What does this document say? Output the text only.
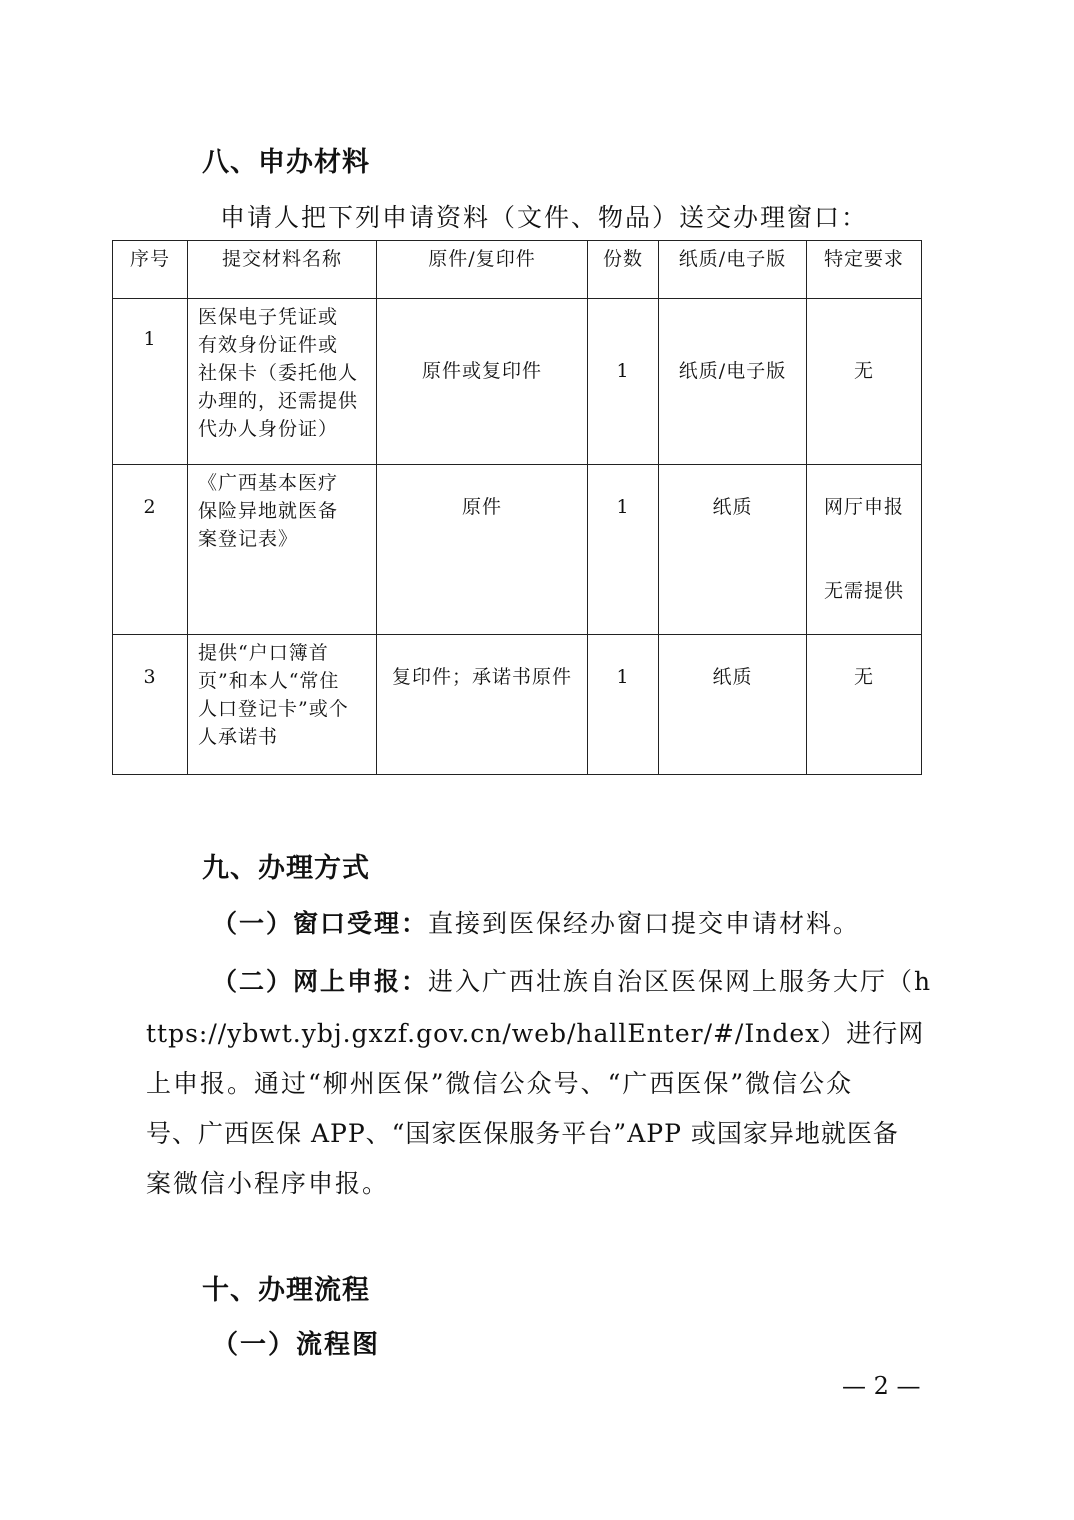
八、申办材料
申请人把下列申请资料（文件、物品）送交办理窗口：
序号	提交材料名称	原件/复印件	份数	纸质/电子版	特定要求
1	医保电子凭证或
有效身份证件或
社保卡（委托他人
办理的，还需提供
代办人身份证）	原件或复印件	1	纸质/电子版	无
2	《广西基本医疗
保险异地就医备
案登记表》	原件	1	纸质	网厅申报
无需提供

3	提供“户口簿首
页”和本人“常住
人口登记卡”或个
人承诺书	复印件；承诺书原件	1	纸质	无
九、办理方式
（一）窗口受理：直接到医保经办窗口提交申请材料。
（二）网上申报：进入广西壮族自治区医保网上服务大厅（h
ttps://ybwt.ybj.gxzf.gov.cn/web/hallEnter/#/Index）进行网
上申报。通过“柳州医保”微信公众号、“广西医保”微信公众
号、广西医保 APP、“国家医保服务平台”APP 或国家异地就医备
案微信小程序申报。
十、办理流程
（一）流程图
— 2 —
